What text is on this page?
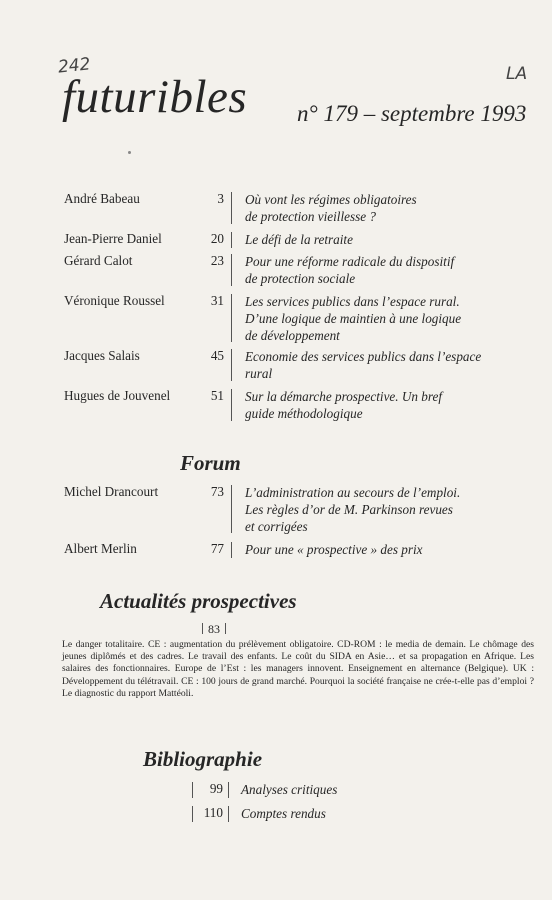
242	LA
futuribles n° 179 – septembre 1993
André Babeau	3 Où vont les régimes obligatoires
de protection vieillesse ?
Jean-Pierre Daniel	20 Le défi de la retraite
Gérard Calot	23 Pour une réforme radicale du dispositif
de protection sociale
Véronique Roussel	31 Les services publics dans l’espace rural.
D’une logique de maintien à une logique
de développement
Jacques Salais	45 Economie des services publics dans l’espace
rural
Hugues de Jouvenel	51 Sur la démarche prospective. Un bref
guide méthodologique
Forum
Michel Drancourt	73 L’administration au secours de l’emploi.
Les règles d’or de M. Parkinson revues
et corrigées
Albert Merlin	77 Pour une « prospective » des prix
Actualités prospectives
83
Le danger totalitaire. CE : augmentation du prélèvement obligatoire. CD-ROM : le media de demain. Le chômage des jeunes diplômés et des cadres. Le travail des enfants. Le coût du SIDA en Asie… et sa propagation en Afrique. Les salaires des fonctionnaires. Europe de l’Est : les managers innovent. Enseignement en alternance (Belgique). UK : Développement du télétravail. CE : 100 jours de grand marché. Pourquoi la société française ne crée-t-elle pas d’emploi ? Le diagnostic du rapport Mattéoli.
Bibliographie
99 Analyses critiques
110 Comptes rendus
